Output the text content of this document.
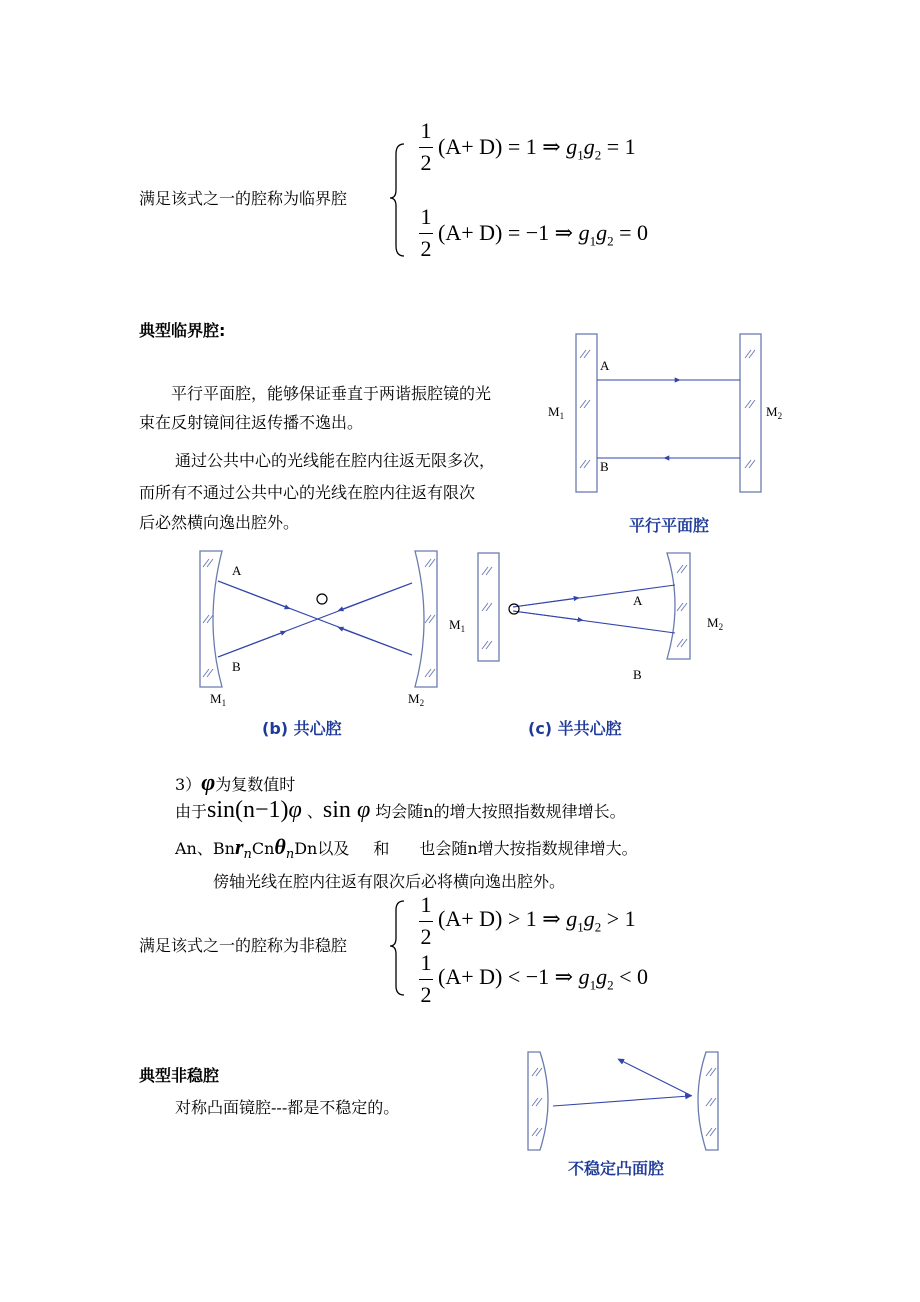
满足该式之一的腔称为临界腔
1
2
(A+ D) = 1 ⇒ $g_1g_2 = 1$
1
2
(A+ D) = −1 ⇒ $g_1g_2 = 0$
典型临界腔:
平行平面腔，能够保证垂直于两谐振腔镜的光
束在反射镜间往返传播不逸出。
通过公共中心的光线能在腔内往返无限多次，
而所有不通过公共中心的光线在腔内往返有限次
后必然横向逸出腔外。
A
B
$M_1$	$M_2$
平行平面腔
A
B
$M_1$	$M_2$
(b) 共心腔
A
B
$M_1$	$M_2$
(c) 半共心腔
3）φ为复数值时
由于sin(n−1)φ 、sin φ 均会随n的增大按照指数规律增长。
An、Bnr$_n$Cnθ$_n$Dn以及 和 也会随n增大按指数规律增大。
傍轴光线在腔内往返有限次后必将横向逸出腔外。
满足该式之一的腔称为非稳腔
1
2
(A+ D) > 1 ⇒ $g_1g_2 > 1$
1
2
(A+ D) < −1 ⇒ $g_1g_2 < 0$
典型非稳腔
对称凸面镜腔---都是不稳定的。
不稳定凸面腔
